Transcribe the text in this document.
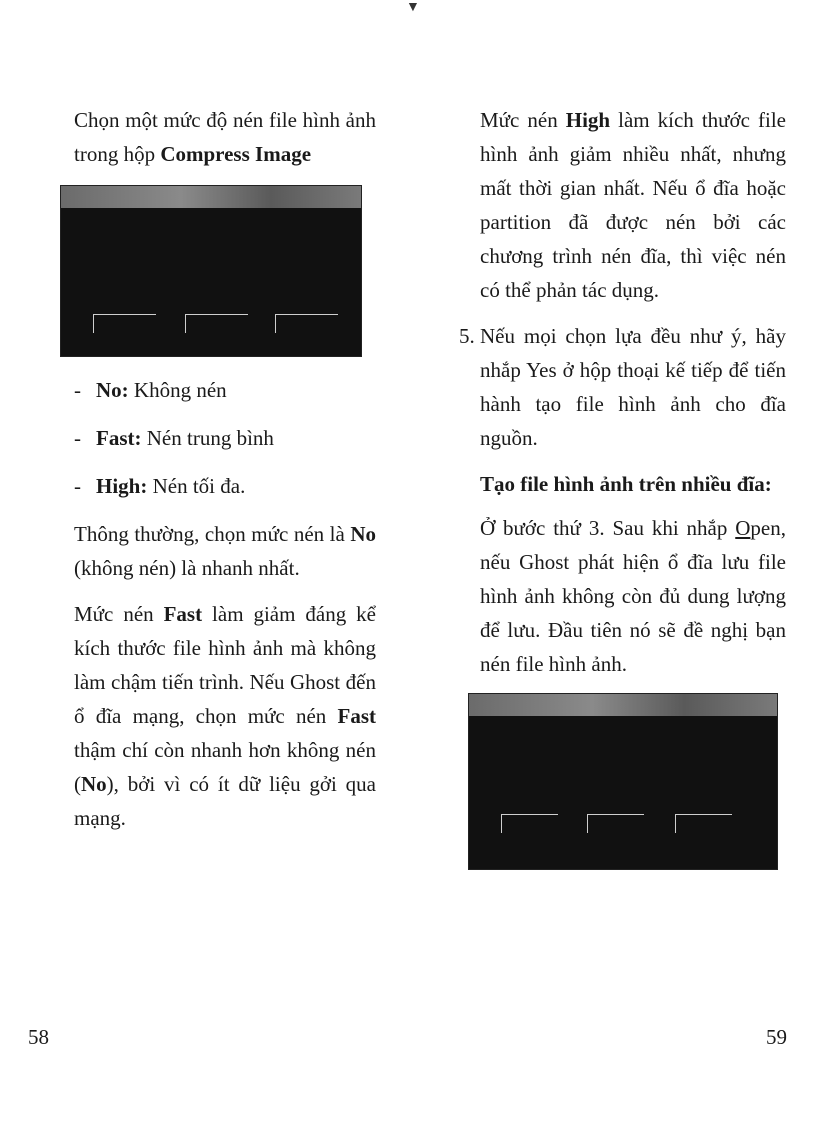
▼

Chọn một mức độ nén file hình ảnh
trong hộp Compress Image

- No: Không nén
- Fast: Nén trung bình
- High: Nén tối đa.

Thông thường, chọn mức nén là No (không nén) là nhanh nhất.

Mức nén Fast làm giảm đáng kể kích thước file hình ảnh mà không làm chậm tiến trình. Nếu Ghost đến ổ đĩa mạng, chọn mức nén Fast thậm chí còn nhanh hơn không nén (No), bởi vì có ít dữ liệu gởi qua mạng.

Mức nén High làm kích thước file hình ảnh giảm nhiều nhất, nhưng mất thời gian nhất. Nếu ổ đĩa hoặc partition đã được nén bởi các chương trình nén đĩa, thì việc nén có thể phản tác dụng.

5. Nếu mọi chọn lựa đều như ý, hãy nhắp Yes ở hộp thoại kế tiếp để tiến hành tạo file hình ảnh cho đĩa nguồn.

Tạo file hình ảnh trên nhiều đĩa:

Ở bước thứ 3. Sau khi nhắp Open, nếu Ghost phát hiện ổ đĩa lưu file hình ảnh không còn đủ dung lượng để lưu. Đầu tiên nó sẽ đề nghị bạn nén file hình ảnh.

58	59
